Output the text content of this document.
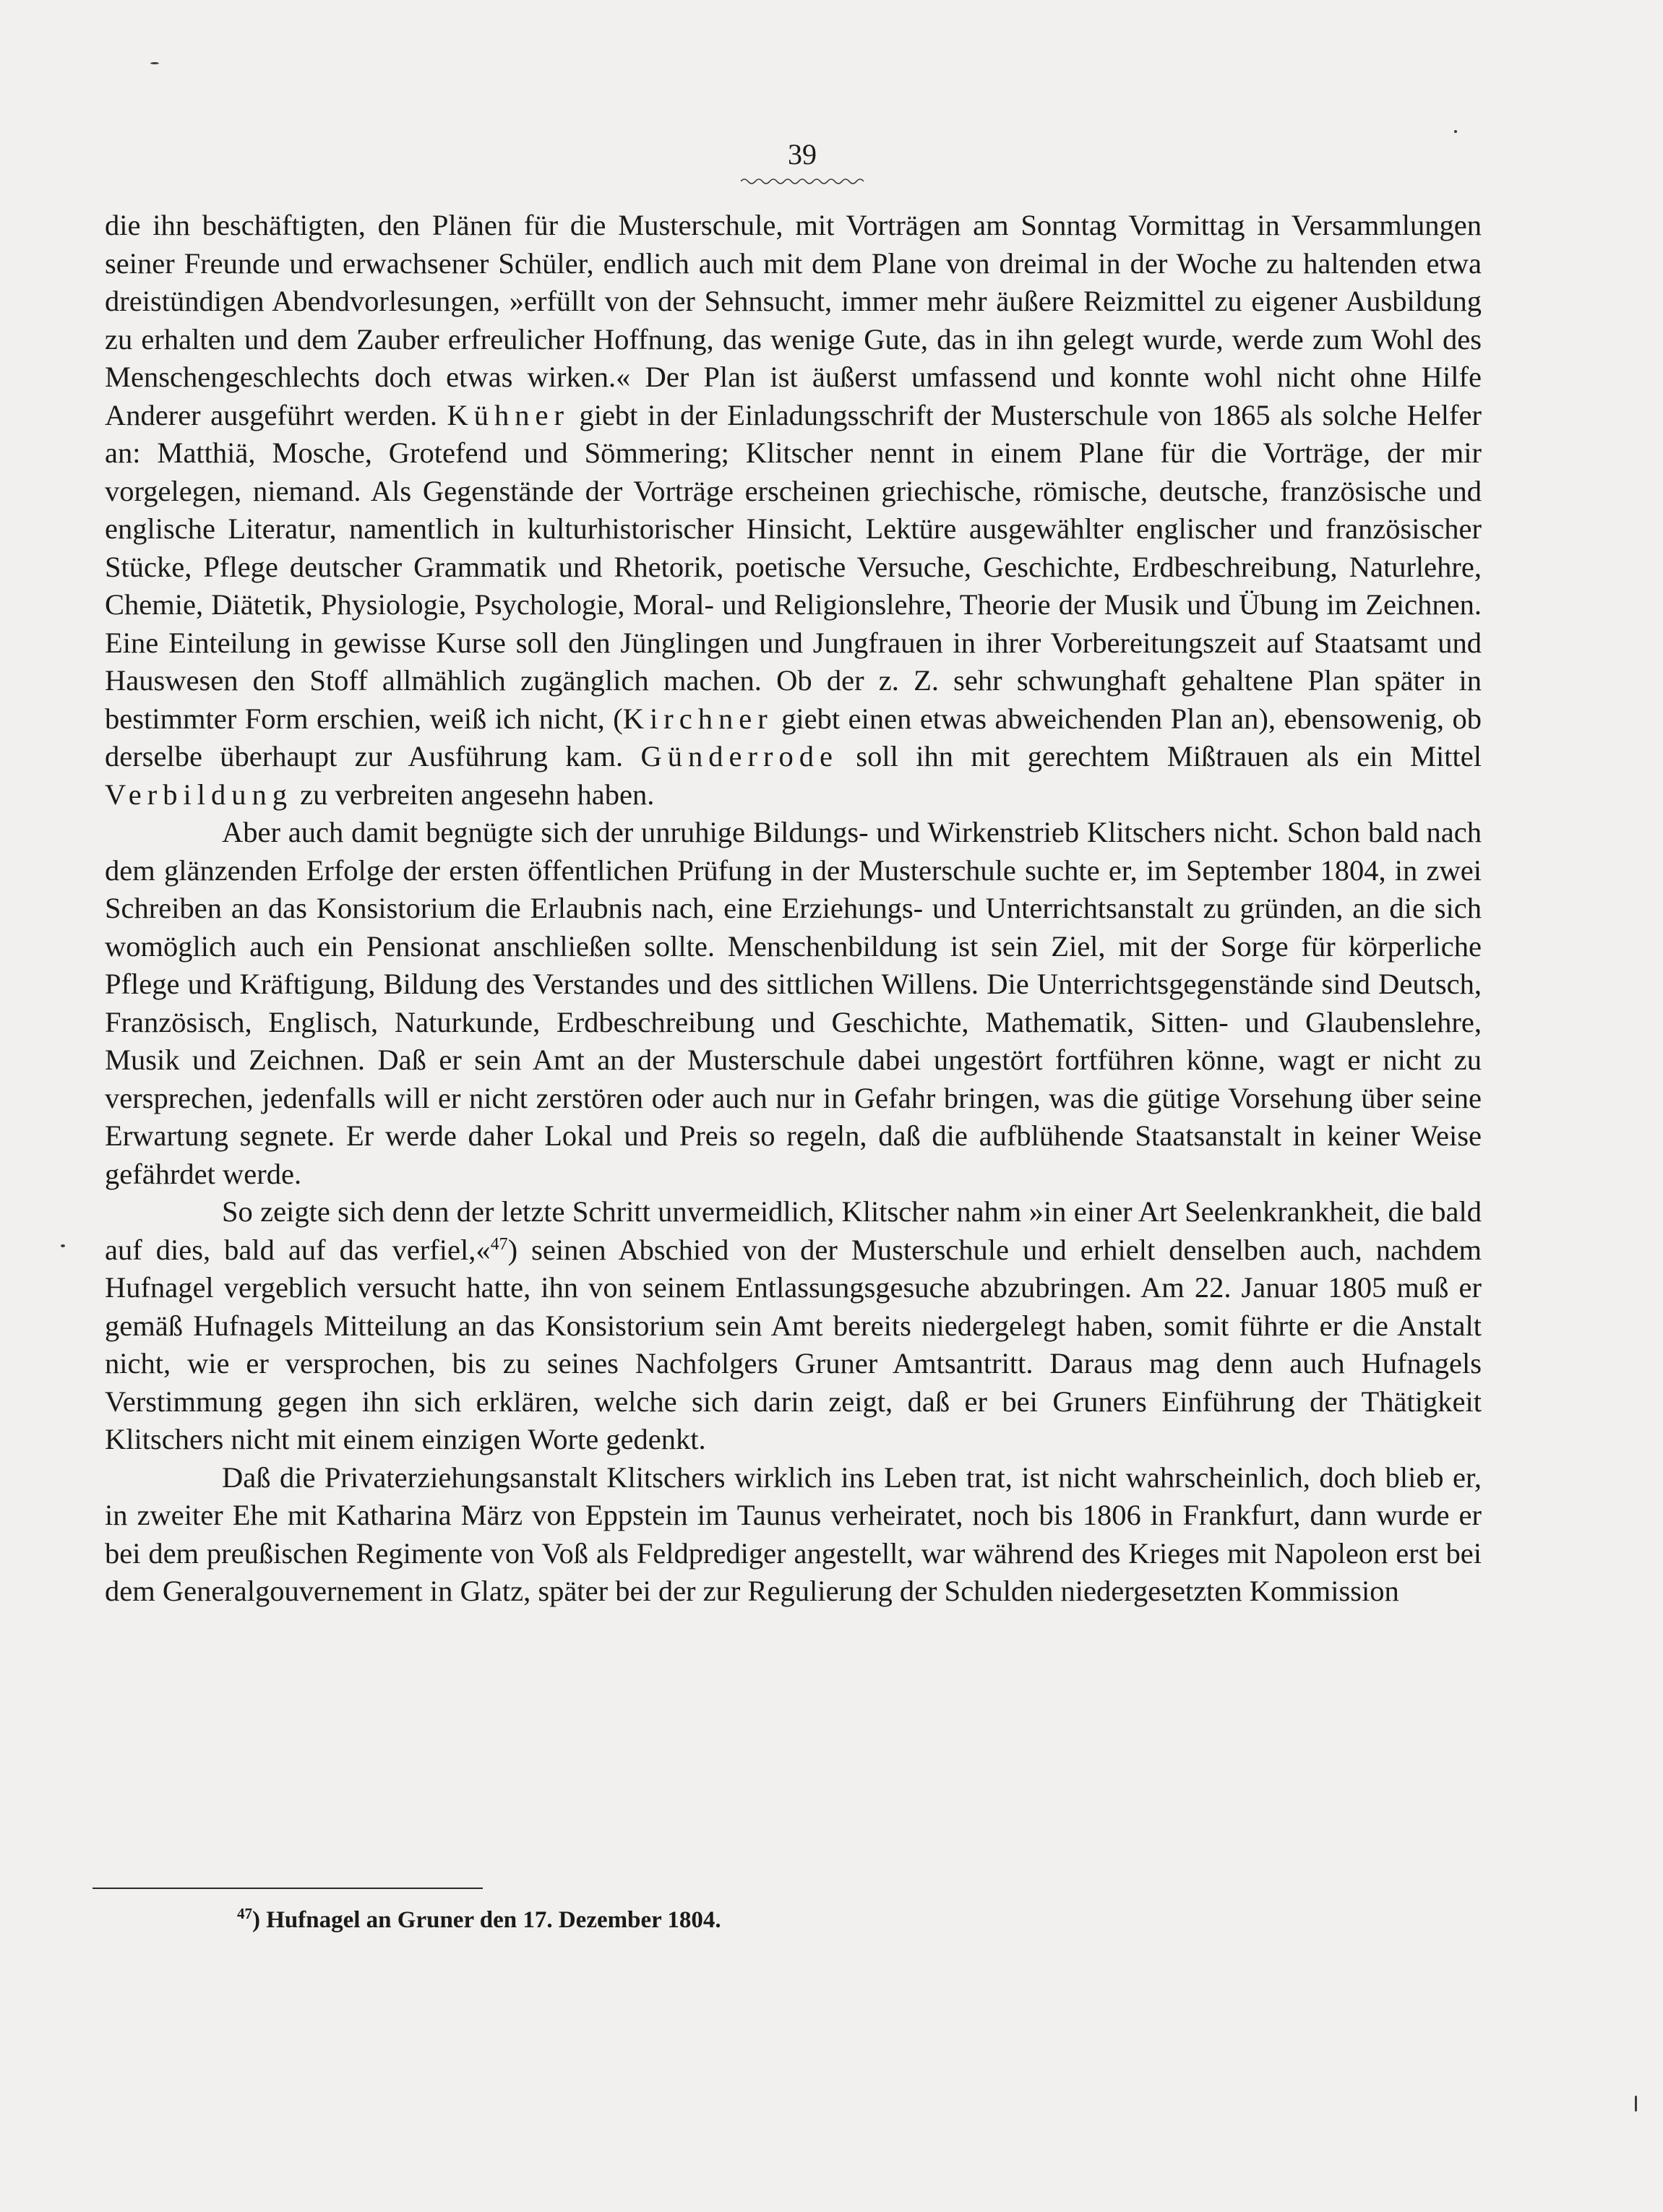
39

die ihn beschäftigten, den Plänen für die Musterschule, mit Vorträgen am Sonntag Vormittag in Versammlungen seiner Freunde und erwachsener Schüler, endlich auch mit dem Plane von dreimal in der Woche zu haltenden etwa dreistündigen Abendvorlesungen, »erfüllt von der Sehnsucht, immer mehr äußere Reizmittel zu eigener Ausbildung zu erhalten und dem Zauber erfreulicher Hoffnung, das wenige Gute, das in ihn gelegt wurde, werde zum Wohl des Menschengeschlechts doch etwas wirken.« Der Plan ist äußerst umfassend und konnte wohl nicht ohne Hilfe Anderer ausgeführt werden. Kühner giebt in der Einladungsschrift der Musterschule von 1865 als solche Helfer an: Matthiä, Mosche, Grotefend und Sömmering; Klitscher nennt in einem Plane für die Vorträge, der mir vorgelegen, niemand. Als Gegenstände der Vorträge erscheinen griechische, römische, deutsche, französische und englische Literatur, namentlich in kulturhistorischer Hinsicht, Lektüre ausgewählter englischer und französischer Stücke, Pflege deutscher Grammatik und Rhetorik, poetische Versuche, Geschichte, Erdbeschreibung, Naturlehre, Chemie, Diätetik, Physiologie, Psychologie, Moral- und Religionslehre, Theorie der Musik und Übung im Zeichnen. Eine Einteilung in gewisse Kurse soll den Jünglingen und Jungfrauen in ihrer Vorbereitungszeit auf Staatsamt und Hauswesen den Stoff allmählich zugänglich machen. Ob der z. Z. sehr schwunghaft gehaltene Plan später in bestimmter Form erschien, weiß ich nicht, (Kirchner giebt einen etwas abweichenden Plan an), ebensowenig, ob derselbe überhaupt zur Ausführung kam. Günderrode soll ihn mit gerechtem Mißtrauen als ein Mittel Verbildung zu verbreiten angesehn haben.

Aber auch damit begnügte sich der unruhige Bildungs- und Wirkenstrieb Klitschers nicht. Schon bald nach dem glänzenden Erfolge der ersten öffentlichen Prüfung in der Musterschule suchte er, im September 1804, in zwei Schreiben an das Konsistorium die Erlaubnis nach, eine Erziehungs- und Unterrichtsanstalt zu gründen, an die sich womöglich auch ein Pensionat anschließen sollte. Menschenbildung ist sein Ziel, mit der Sorge für körperliche Pflege und Kräftigung, Bildung des Verstandes und des sittlichen Willens. Die Unterrichtsgegenstände sind Deutsch, Französisch, Englisch, Naturkunde, Erdbeschreibung und Geschichte, Mathematik, Sitten- und Glaubenslehre, Musik und Zeichnen. Daß er sein Amt an der Musterschule dabei ungestört fortführen könne, wagt er nicht zu versprechen, jedenfalls will er nicht zerstören oder auch nur in Gefahr bringen, was die gütige Vorsehung über seine Erwartung segnete. Er werde daher Lokal und Preis so regeln, daß die aufblühende Staatsanstalt in keiner Weise gefährdet werde.

So zeigte sich denn der letzte Schritt unvermeidlich, Klitscher nahm »in einer Art Seelenkrankheit, die bald auf dies, bald auf das verfiel,«$^{47}$) seinen Abschied von der Musterschule und erhielt denselben auch, nachdem Hufnagel vergeblich versucht hatte, ihn von seinem Entlassungsgesuche abzubringen. Am 22. Januar 1805 muß er gemäß Hufnagels Mitteilung an das Konsistorium sein Amt bereits niedergelegt haben, somit führte er die Anstalt nicht, wie er versprochen, bis zu seines Nachfolgers Gruner Amtsantritt. Daraus mag denn auch Hufnagels Verstimmung gegen ihn sich erklären, welche sich darin zeigt, daß er bei Gruners Einführung der Thätigkeit Klitschers nicht mit einem einzigen Worte gedenkt.

Daß die Privaterziehungsanstalt Klitschers wirklich ins Leben trat, ist nicht wahrscheinlich, doch blieb er, in zweiter Ehe mit Katharina März von Eppstein im Taunus verheiratet, noch bis 1806 in Frankfurt, dann wurde er bei dem preußischen Regimente von Voß als Feldprediger angestellt, war während des Krieges mit Napoleon erst bei dem Generalgouvernement in Glatz, später bei der zur Regulierung der Schulden niedergesetzten Kommission

$^{47}$) Hufnagel an Gruner den 17. Dezember 1804.
